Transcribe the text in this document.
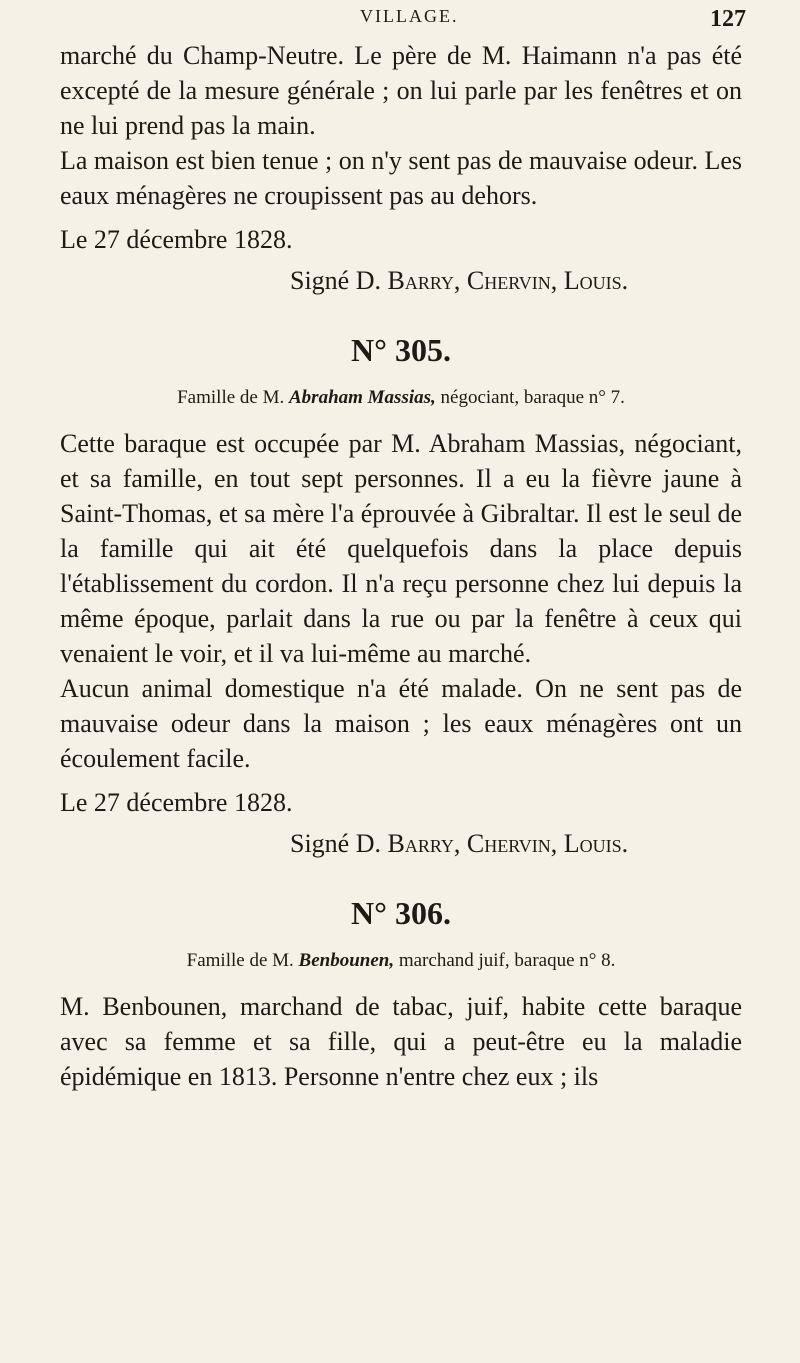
VILLAGE.	127

marché du Champ-Neutre. Le père de M. Haimann n'a pas été excepté de la mesure générale ; on lui parle par les fenêtres et on ne lui prend pas la main.

La maison est bien tenue ; on n'y sent pas de mauvaise odeur. Les eaux ménagères ne croupissent pas au dehors.

Le 27 décembre 1828.

Signé D. Barry, Chervin, Louis.

N° 305.
Famille de M. Abraham Massias, négociant, baraque n° 7.

Cette baraque est occupée par M. Abraham Massias, négociant, et sa famille, en tout sept personnes. Il a eu la fièvre jaune à Saint-Thomas, et sa mère l'a éprouvée à Gibraltar. Il est le seul de la famille qui ait été quelquefois dans la place depuis l'établissement du cordon. Il n'a reçu personne chez lui depuis la même époque, parlait dans la rue ou par la fenêtre à ceux qui venaient le voir, et il va lui-même au marché.

Aucun animal domestique n'a été malade. On ne sent pas de mauvaise odeur dans la maison ; les eaux ménagères ont un écoulement facile.

Le 27 décembre 1828.

Signé D. Barry, Chervin, Louis.

N° 306.
Famille de M. Benbounen, marchand juif, baraque n° 8.

M. Benbounen, marchand de tabac, juif, habite cette baraque avec sa femme et sa fille, qui a peut-être eu la maladie épidémique en 1813. Personne n'entre chez eux ; ils
